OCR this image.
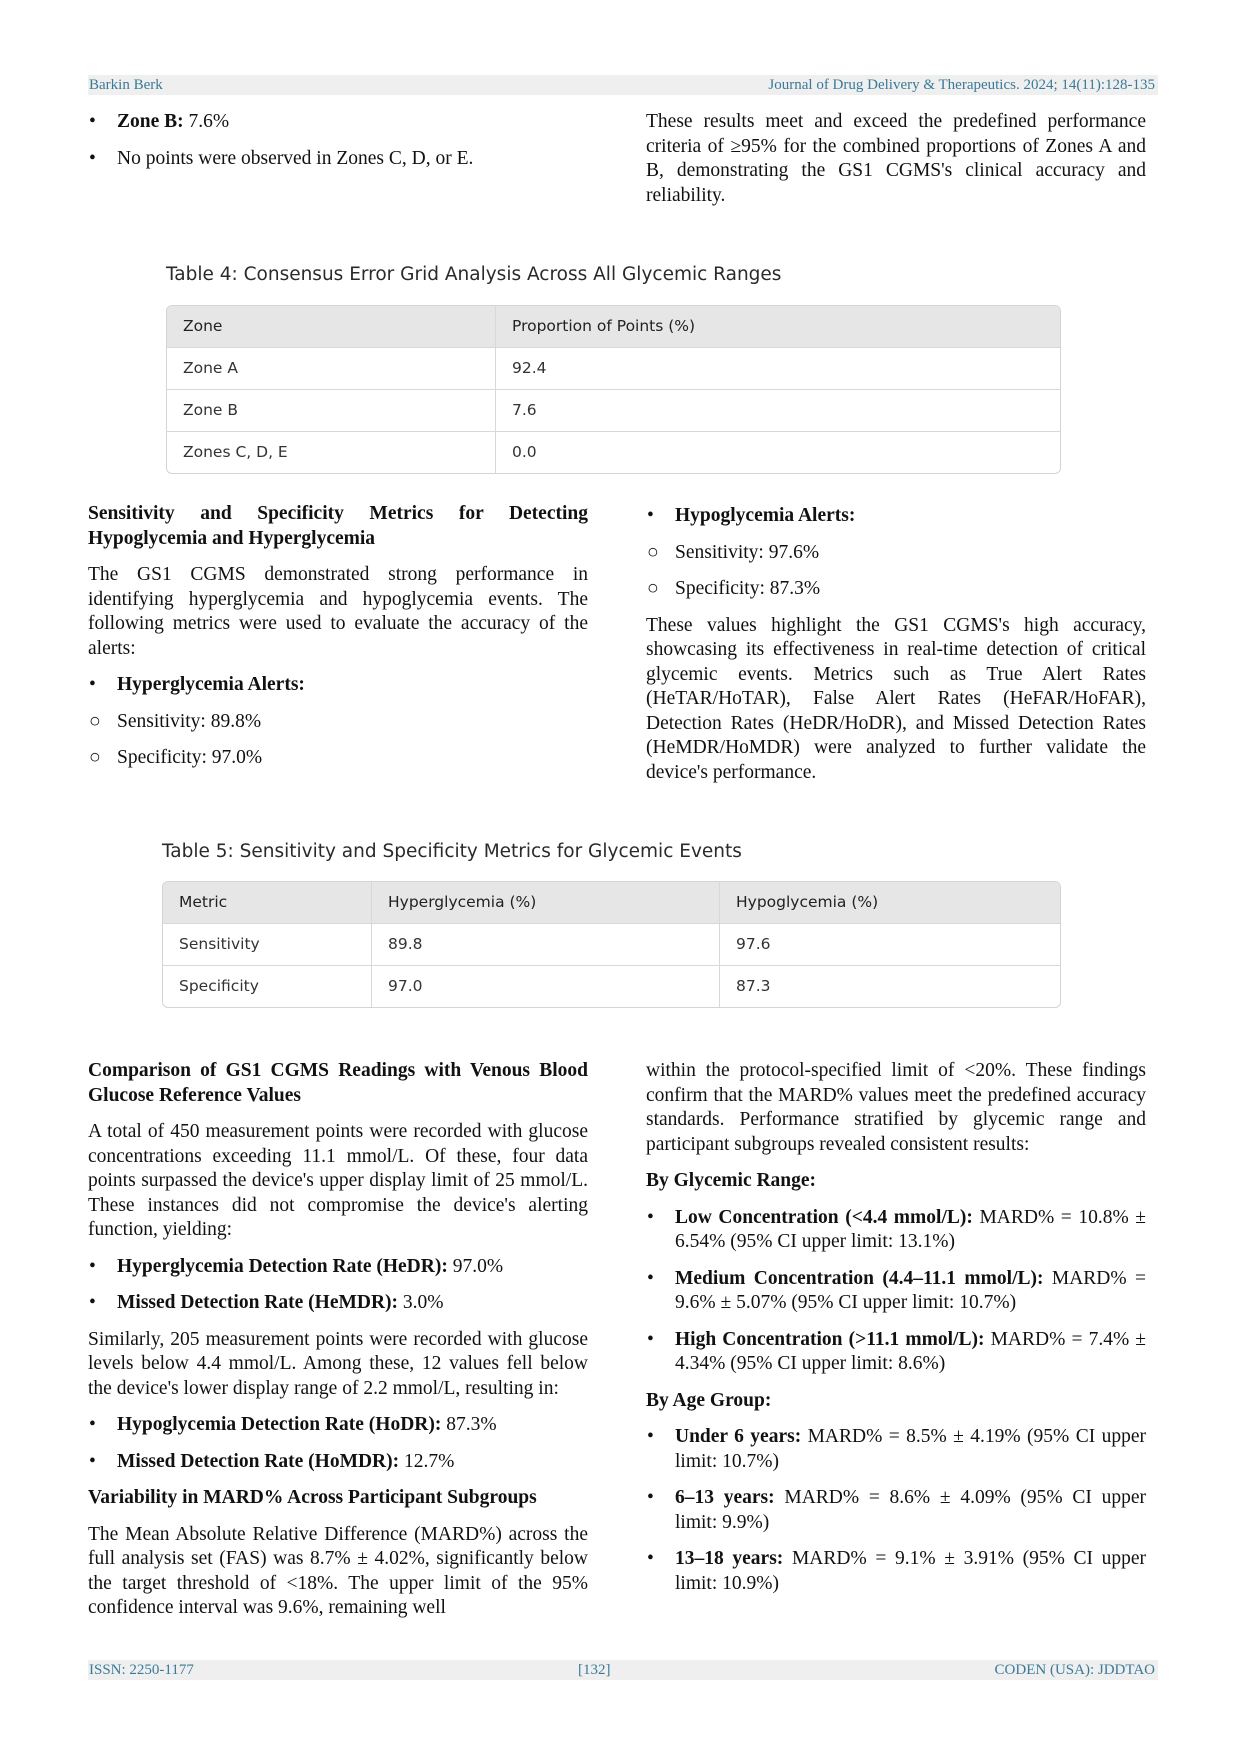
Barkin Berk	Journal of Drug Delivery & Therapeutics. 2024; 14(11):128-135

• Zone B: 7.6%

• No points were observed in Zones C, D, or E.

These results meet and exceed the predefined performance criteria of ≥95% for the combined proportions of Zones A and B, demonstrating the GS1 CGMS's clinical accuracy and reliability.

Table 4: Consensus Error Grid Analysis Across All Glycemic Ranges
Zone	Proportion of Points (%)
Zone A	92.4
Zone B	7.6
Zones C, D, E	0.0

Sensitivity and Specificity Metrics for Detecting Hypoglycemia and Hyperglycemia

The GS1 CGMS demonstrated strong performance in identifying hyperglycemia and hypoglycemia events. The following metrics were used to evaluate the accuracy of the alerts:

• Hyperglycemia Alerts:

○ Sensitivity: 89.8%

○ Specificity: 97.0%

• Hypoglycemia Alerts:

○ Sensitivity: 97.6%

○ Specificity: 87.3%

These values highlight the GS1 CGMS's high accuracy, showcasing its effectiveness in real-time detection of critical glycemic events. Metrics such as True Alert Rates (HeTAR/HoTAR), False Alert Rates (HeFAR/HoFAR), Detection Rates (HeDR/HoDR), and Missed Detection Rates (HeMDR/HoMDR) were analyzed to further validate the device's performance.

Table 5: Sensitivity and Specificity Metrics for Glycemic Events
Metric	Hyperglycemia (%)	Hypoglycemia (%)
Sensitivity	89.8	97.6
Specificity	97.0	87.3

Comparison of GS1 CGMS Readings with Venous Blood Glucose Reference Values

A total of 450 measurement points were recorded with glucose concentrations exceeding 11.1 mmol/L. Of these, four data points surpassed the device's upper display limit of 25 mmol/L. These instances did not compromise the device's alerting function, yielding:

• Hyperglycemia Detection Rate (HeDR): 97.0%

• Missed Detection Rate (HeMDR): 3.0%

Similarly, 205 measurement points were recorded with glucose levels below 4.4 mmol/L. Among these, 12 values fell below the device's lower display range of 2.2 mmol/L, resulting in:

• Hypoglycemia Detection Rate (HoDR): 87.3%

• Missed Detection Rate (HoMDR): 12.7%

Variability in MARD% Across Participant Subgroups

The Mean Absolute Relative Difference (MARD%) across the full analysis set (FAS) was 8.7% ± 4.02%, significantly below the target threshold of <18%. The upper limit of the 95% confidence interval was 9.6%, remaining well

within the protocol-specified limit of <20%. These findings confirm that the MARD% values meet the predefined accuracy standards. Performance stratified by glycemic range and participant subgroups revealed consistent results:

By Glycemic Range:

• Low Concentration (<4.4 mmol/L): MARD% = 10.8% ± 6.54% (95% CI upper limit: 13.1%)

• Medium Concentration (4.4–11.1 mmol/L): MARD% = 9.6% ± 5.07% (95% CI upper limit: 10.7%)

• High Concentration (>11.1 mmol/L): MARD% = 7.4% ± 4.34% (95% CI upper limit: 8.6%)

By Age Group:

• Under 6 years: MARD% = 8.5% ± 4.19% (95% CI upper limit: 10.7%)

• 6–13 years: MARD% = 8.6% ± 4.09% (95% CI upper limit: 9.9%)

• 13–18 years: MARD% = 9.1% ± 3.91% (95% CI upper limit: 10.9%)

ISSN: 2250-1177	[132]	CODEN (USA): JDDTAO
